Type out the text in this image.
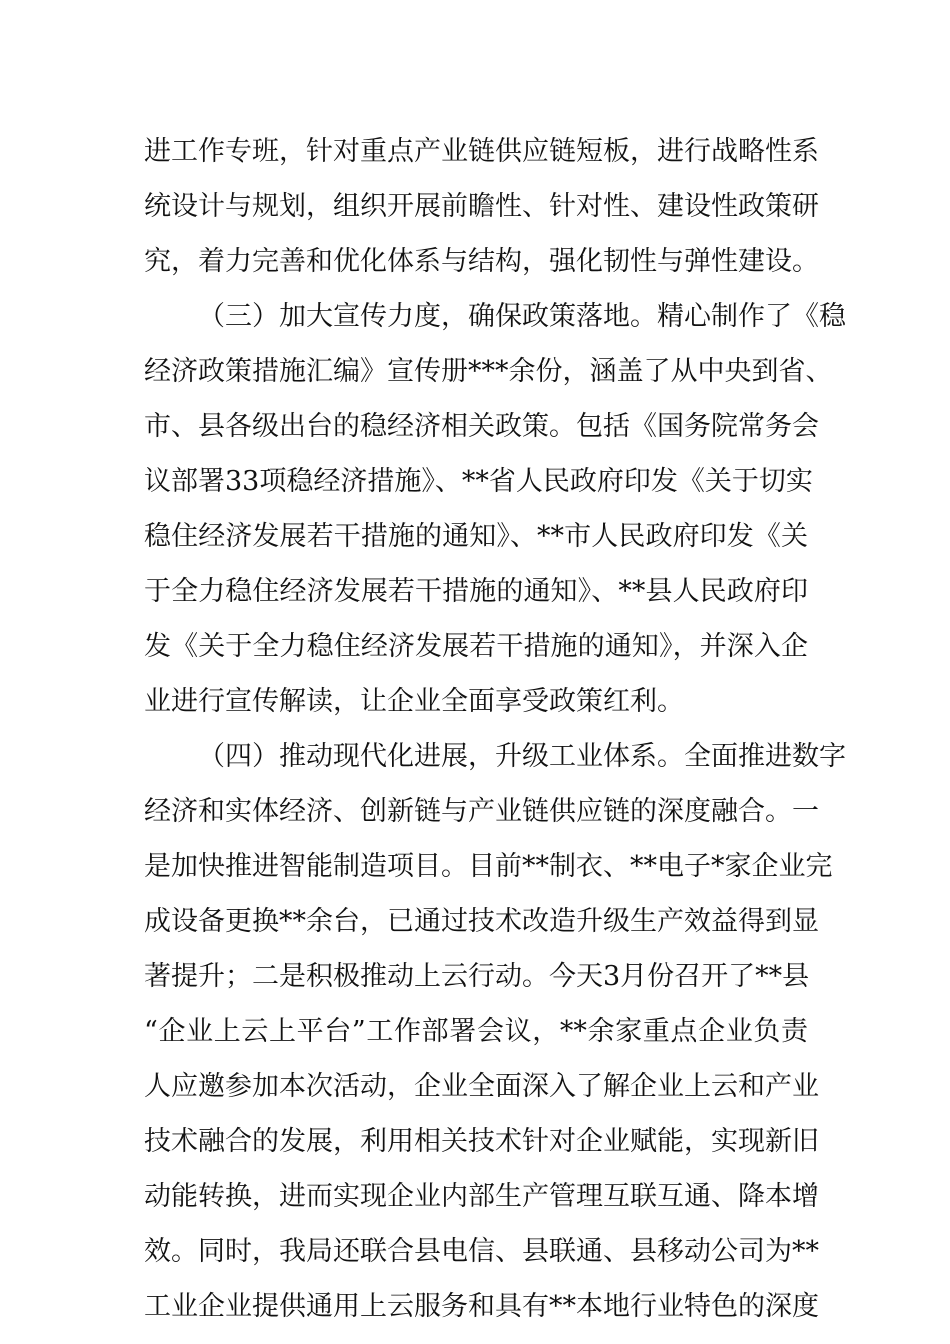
进工作专班，针对重点产业链供应链短板，进行战略性系
统设计与规划，组织开展前瞻性、针对性、建设性政策研
究，着力完善和优化体系与结构，强化韧性与弹性建设。
（三）加大宣传力度，确保政策落地。精心制作了《稳
经济政策措施汇编》宣传册***余份，涵盖了从中央到省、
市、县各级出台的稳经济相关政策。包括《国务院常务会
议部署33项稳经济措施》、**省人民政府印发《关于切实
稳住经济发展若干措施的通知》、**市人民政府印发《关
于全力稳住经济发展若干措施的通知》、**县人民政府印
发《关于全力稳住经济发展若干措施的通知》，并深入企
业进行宣传解读，让企业全面享受政策红利。
（四）推动现代化进展，升级工业体系。全面推进数字
经济和实体经济、创新链与产业链供应链的深度融合。一
是加快推进智能制造项目。目前**制衣、**电子*家企业完
成设备更换**余台，已通过技术改造升级生产效益得到显
著提升；二是积极推动上云行动。今天3月份召开了**县
“企业上云上平台”工作部署会议，**余家重点企业负责
人应邀参加本次活动，企业全面深入了解企业上云和产业
技术融合的发展，利用相关技术针对企业赋能，实现新旧
动能转换，进而实现企业内部生产管理互联互通、降本增
效。同时，我局还联合县电信、县联通、县移动公司为**
工业企业提供通用上云服务和具有**本地行业特色的深度
